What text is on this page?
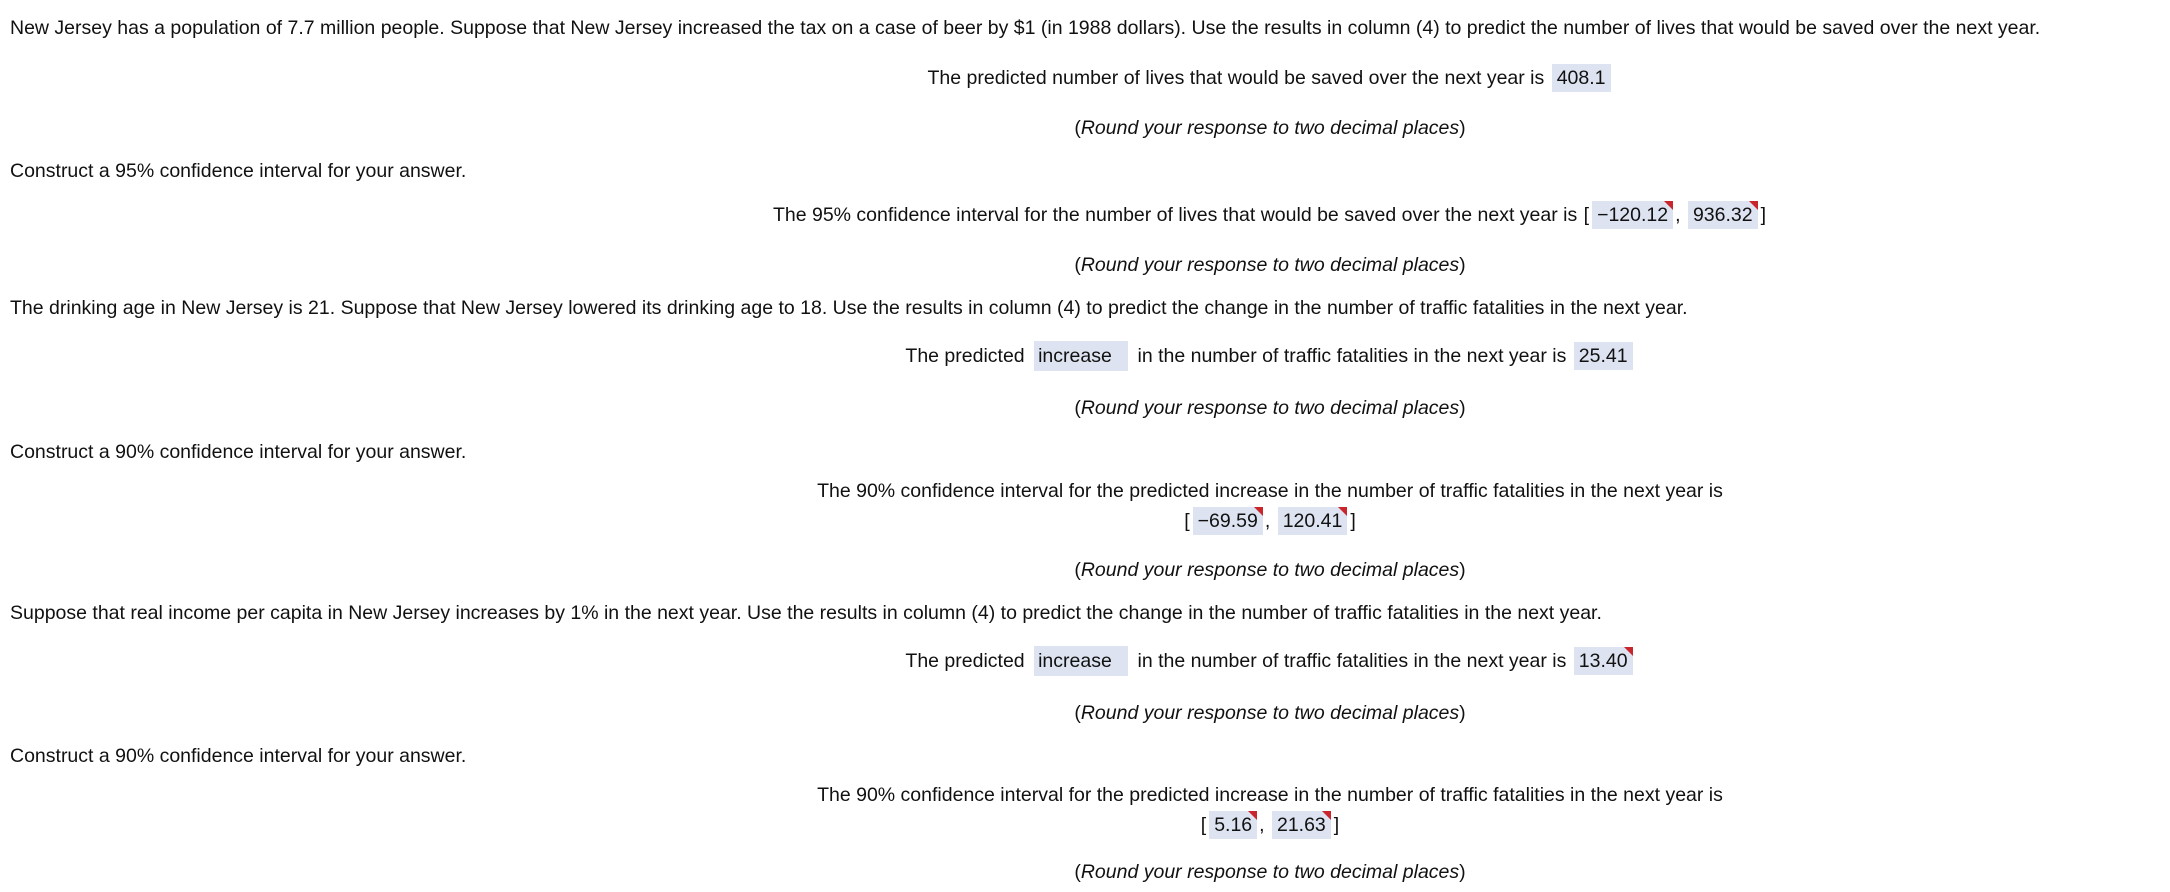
New Jersey has a population of 7.7 million people. Suppose that New Jersey increased the tax on a case of beer by $1 (in 1988 dollars). Use the results in column (4) to predict the number of lives that would be saved over the next year.
The predicted number of lives that would be saved over the next year is 408.1
(Round your response to two decimal places)
Construct a 95% confidence interval for your answer.
The 95% confidence interval for the number of lives that would be saved over the next year is [ −120.12 , 936.32 ]
(Round your response to two decimal places)
The drinking age in New Jersey is 21. Suppose that New Jersey lowered its drinking age to 18. Use the results in column (4) to predict the change in the number of traffic fatalities in the next year.
The predicted increase in the number of traffic fatalities in the next year is 25.41
(Round your response to two decimal places)
Construct a 90% confidence interval for your answer.
The 90% confidence interval for the predicted increase in the number of traffic fatalities in the next year is
[ −69.59 , 120.41 ]
(Round your response to two decimal places)
Suppose that real income per capita in New Jersey increases by 1% in the next year. Use the results in column (4) to predict the change in the number of traffic fatalities in the next year.
The predicted increase in the number of traffic fatalities in the next year is 13.40
(Round your response to two decimal places)
Construct a 90% confidence interval for your answer.
The 90% confidence interval for the predicted increase in the number of traffic fatalities in the next year is
[ 5.16 , 21.63 ]
(Round your response to two decimal places)
